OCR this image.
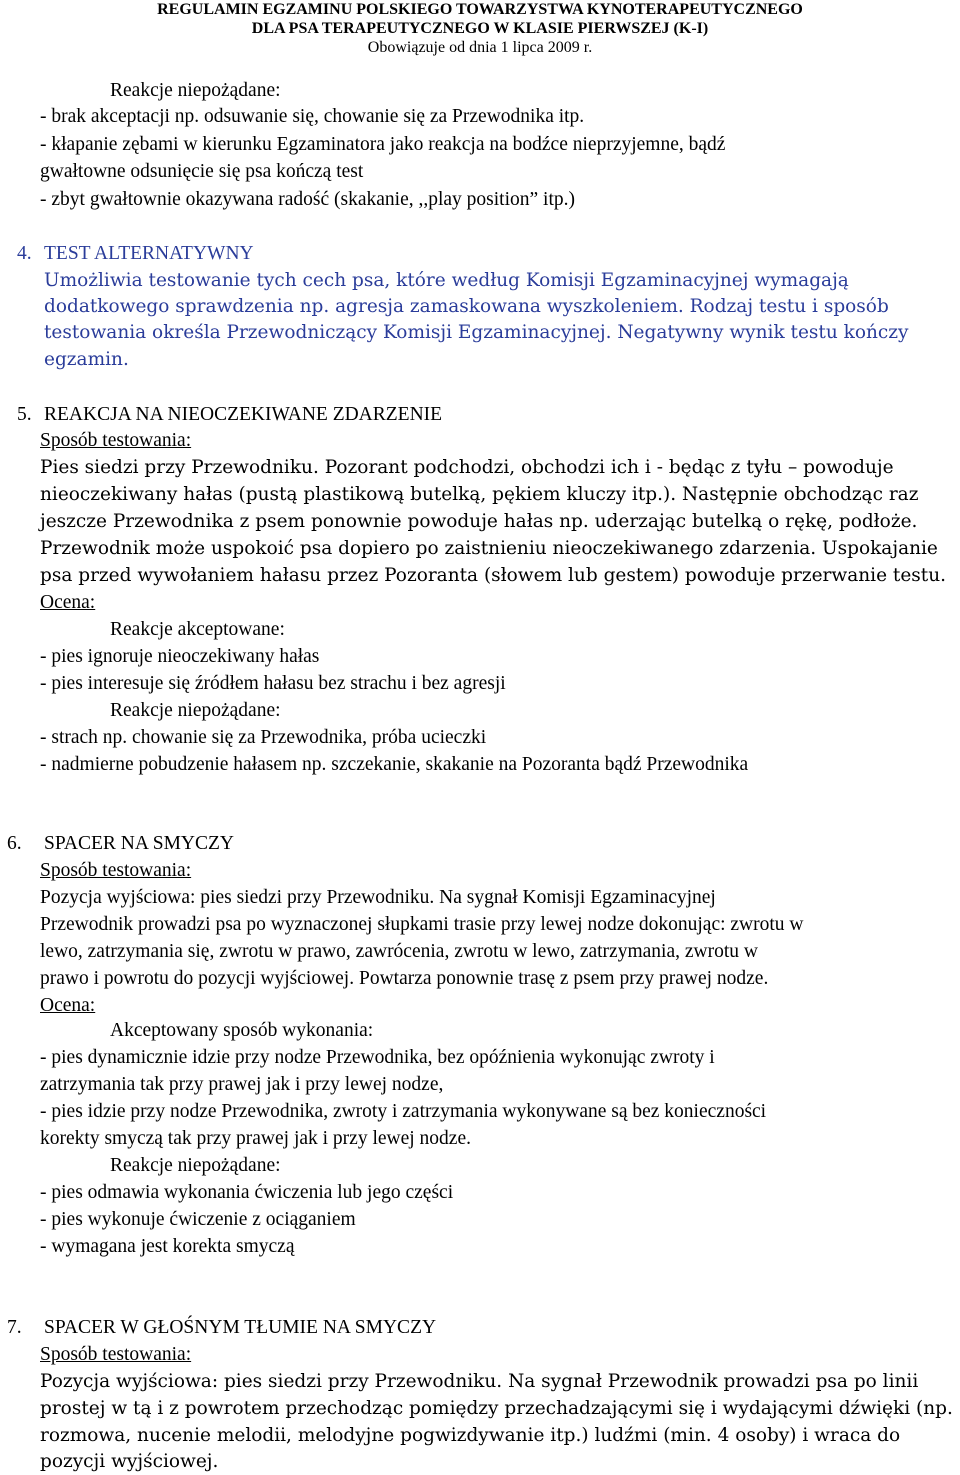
REGULAMIN EGZAMINU POLSKIEGO TOWARZYSTWA KYNOTERAPEUTYCZNEGO
DLA PSA TERAPEUTYCZNEGO W KLASIE PIERWSZEJ (K-I)
Obowiązuje od dnia 1 lipca 2009 r.
Reakcje niepożądane:
- brak akceptacji np. odsuwanie się, chowanie się za Przewodnika itp.
- kłapanie zębami w kierunku Egzaminatora jako reakcja na bodźce nieprzyjemne, bądź
gwałtowne odsunięcie się psa kończą test
- zbyt gwałtownie okazywana radość (skakanie, ,,play position” itp.)
4. TEST ALTERNATYWNY
Umożliwia testowanie tych cech psa, które według Komisji Egzaminacyjnej wymagają
dodatkowego sprawdzenia np. agresja zamaskowana wyszkoleniem. Rodzaj testu i sposób
testowania określa Przewodniczący Komisji Egzaminacyjnej. Negatywny wynik testu kończy
egzamin.
5. REAKCJA NA NIEOCZEKIWANE ZDARZENIE
Sposób testowania:
Pies siedzi przy Przewodniku. Pozorant podchodzi, obchodzi ich i - będąc z tyłu – powoduje
nieoczekiwany hałas (pustą plastikową butelką, pękiem kluczy itp.). Następnie obchodząc raz
jeszcze Przewodnika z psem ponownie powoduje hałas np. uderzając butelką o rękę, podłoże.
Przewodnik może uspokoić psa dopiero po zaistnieniu nieoczekiwanego zdarzenia. Uspokajanie
psa przed wywołaniem hałasu przez Pozoranta (słowem lub gestem) powoduje przerwanie testu.
Ocena:
Reakcje akceptowane:
- pies ignoruje nieoczekiwany hałas
- pies interesuje się źródłem hałasu bez strachu i bez agresji
Reakcje niepożądane:
- strach np. chowanie się za Przewodnika, próba ucieczki
- nadmierne pobudzenie hałasem np. szczekanie, skakanie na Pozoranta bądź Przewodnika
6. SPACER NA SMYCZY
Sposób testowania:
Pozycja wyjściowa: pies siedzi przy Przewodniku. Na sygnał Komisji Egzaminacyjnej
Przewodnik prowadzi psa po wyznaczonej słupkami trasie przy lewej nodze dokonując: zwrotu w
lewo, zatrzymania się, zwrotu w prawo, zawrócenia, zwrotu w lewo, zatrzymania, zwrotu w
prawo i powrotu do pozycji wyjściowej. Powtarza ponownie trasę z psem przy prawej nodze.
Ocena:
Akceptowany sposób wykonania:
- pies dynamicznie idzie przy nodze Przewodnika, bez opóźnienia wykonując zwroty i
zatrzymania tak przy prawej jak i przy lewej nodze,
- pies idzie przy nodze Przewodnika, zwroty i zatrzymania wykonywane są bez konieczności
korekty smyczą tak przy prawej jak i przy lewej nodze.
Reakcje niepożądane:
- pies odmawia wykonania ćwiczenia lub jego części
- pies wykonuje ćwiczenie z ociąganiem
- wymagana jest korekta smyczą
7. SPACER W GŁOŚNYM TŁUMIE NA SMYCZY
Sposób testowania:
Pozycja wyjściowa: pies siedzi przy Przewodniku. Na sygnał Przewodnik prowadzi psa po linii
prostej w tą i z powrotem przechodząc pomiędzy przechadzającymi się i wydającymi dźwięki (np.
rozmowa, nucenie melodii, melodyjne pogwizdywanie itp.) ludźmi (min. 4 osoby) i wraca do
pozycji wyjściowej.
